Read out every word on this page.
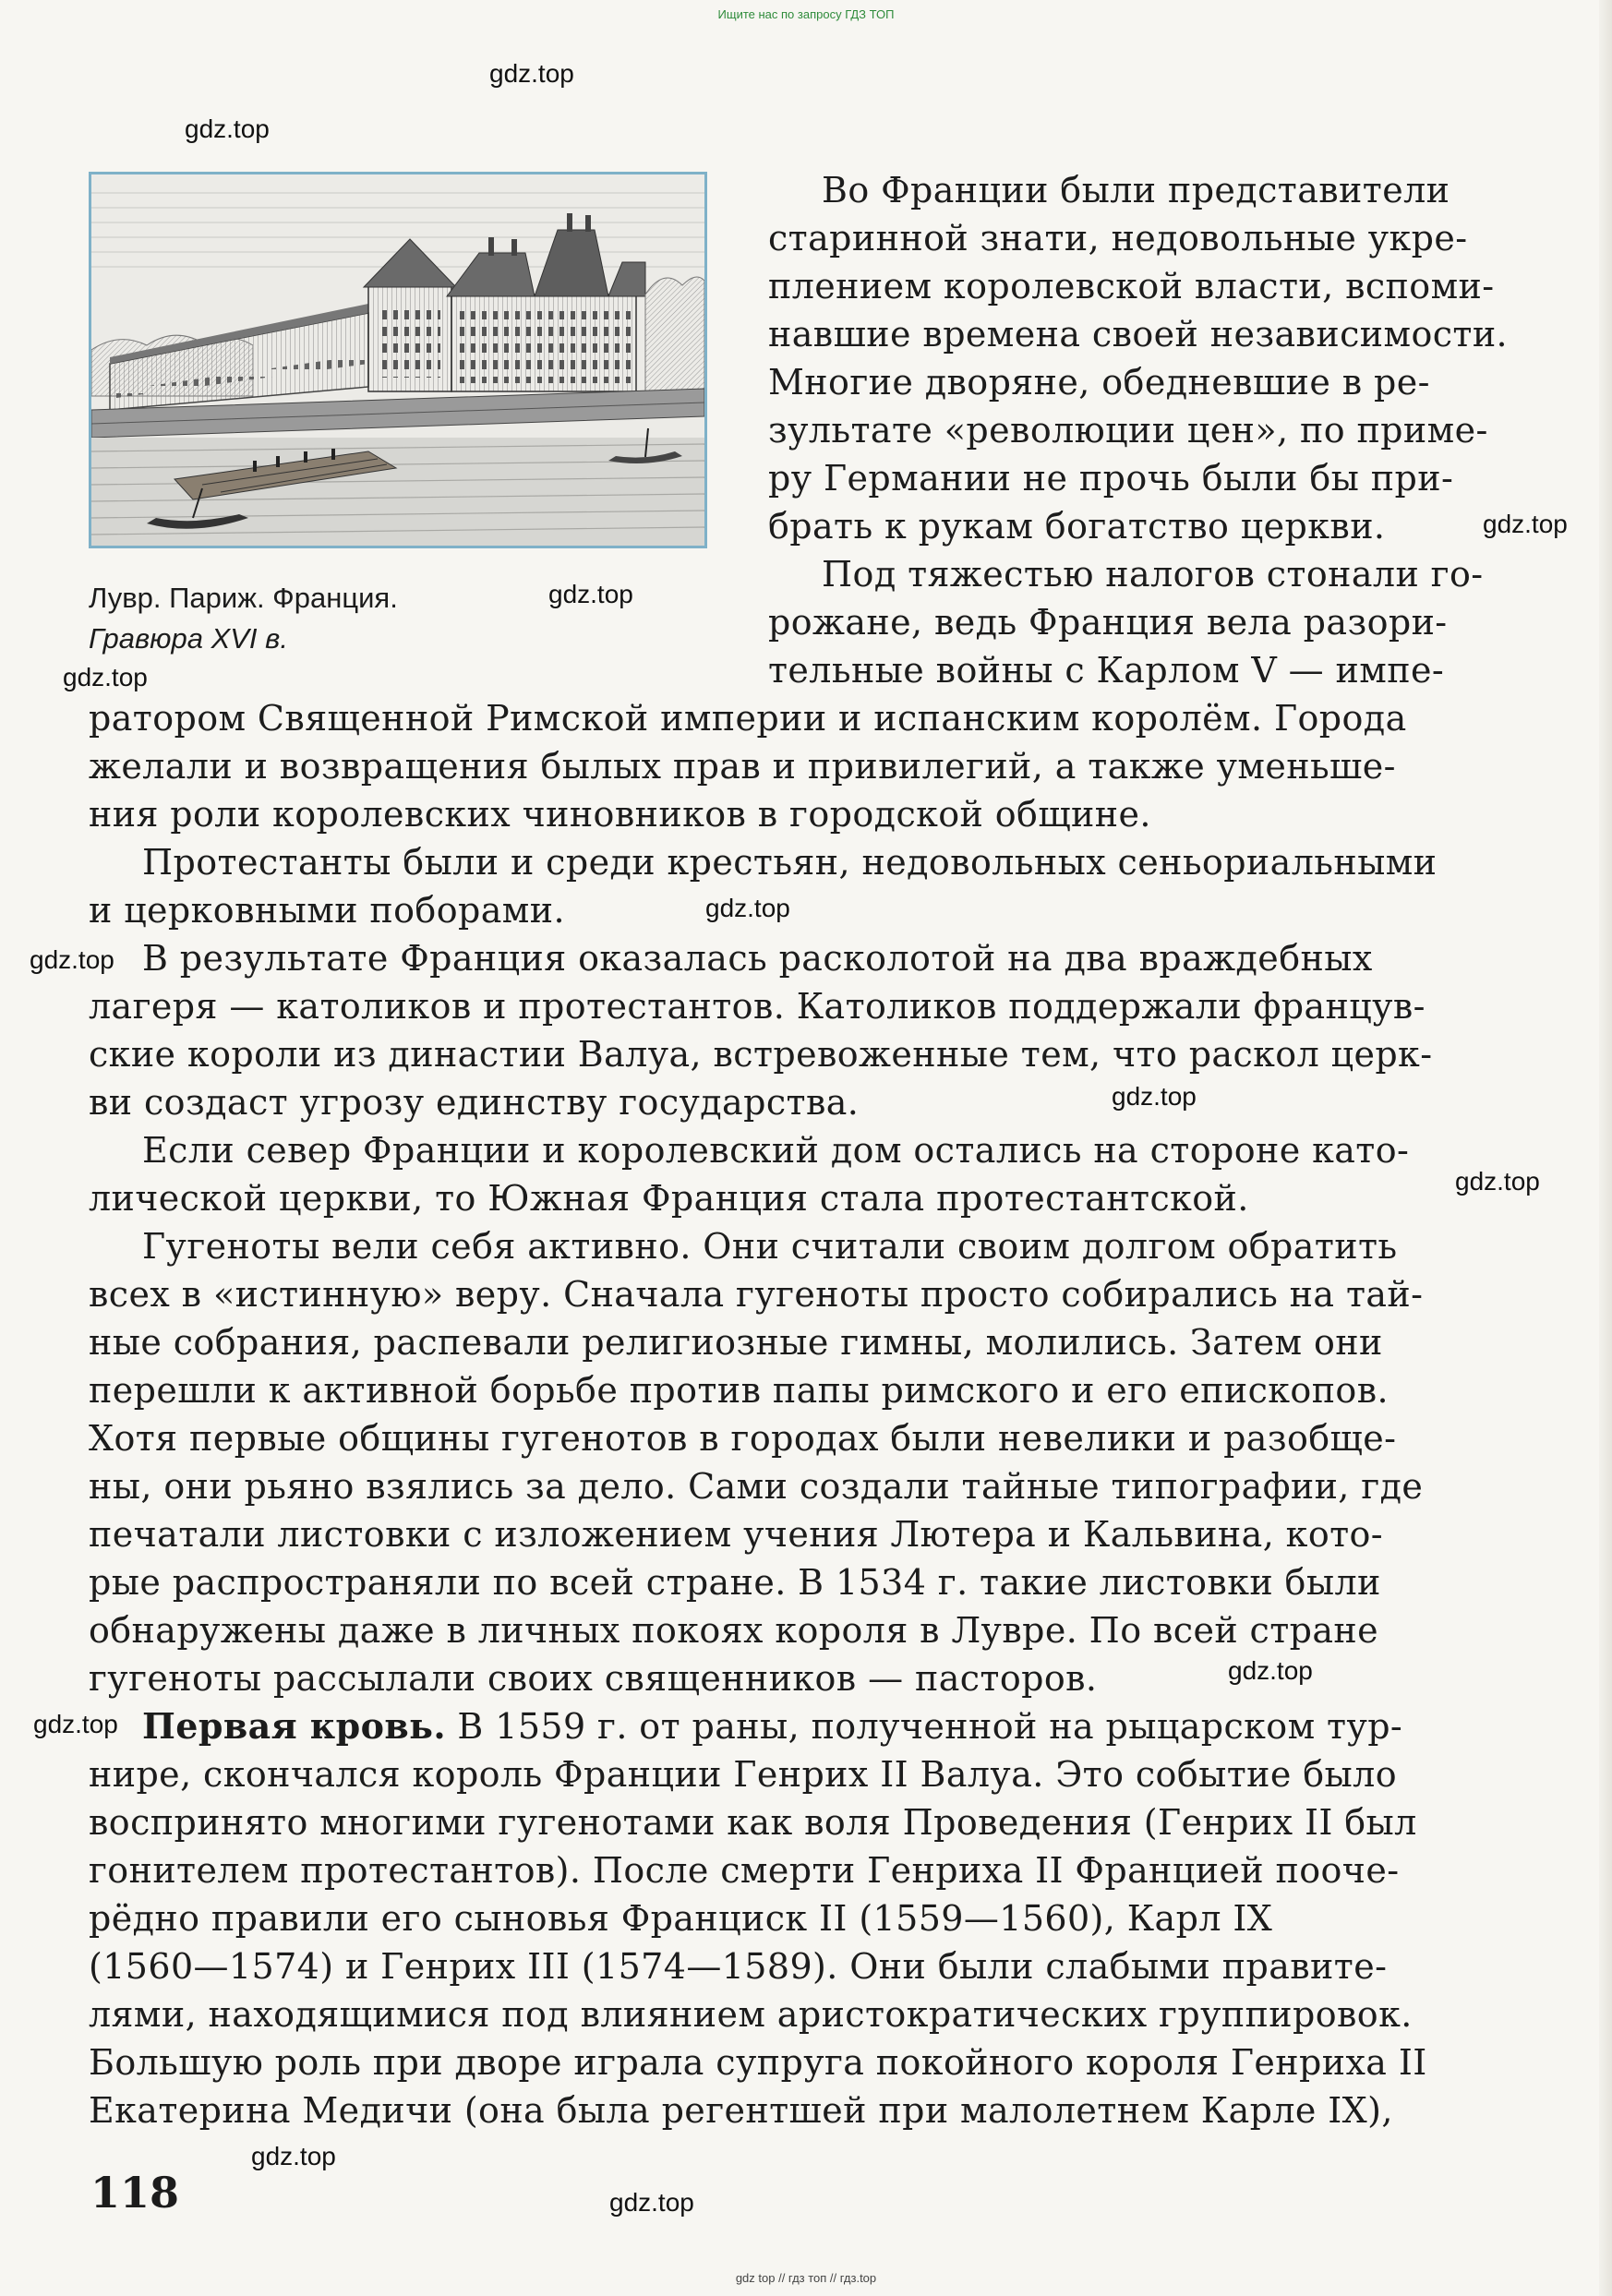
Ищите нас по запросу ГДЗ ТОП
Лувр. Париж. Франция.
Гравюра XVI в.
Во Франции были представители
старинной знати, недовольные укре-
плением королевской власти, вспоми-
навшие времена своей независимости.
Многие дворяне, обедневшие в ре-
зультате «революции цен», по приме-
ру Германии не прочь были бы при-
брать к рукам богатство церкви.
Под тяжестью налогов стонали го-
рожане, ведь Франция вела разори-
тельные войны с Карлом V — импе-
ратором Священной Римской империи и испанским королём. Города
желали и возвращения былых прав и привилегий, а также уменьше-
ния роли королевских чиновников в городской общине.
Протестанты были и среди крестьян, недовольных сеньориальными
и церковными поборами.
В результате Франция оказалась расколотой на два враждебных
лагеря — католиков и протестантов. Католиков поддержали францув-
ские короли из династии Валуа, встревоженные тем, что раскол церк-
ви создаст угрозу единству государства.
Если север Франции и королевский дом остались на стороне като-
лической церкви, то Южная Франция стала протестантской.
Гугеноты вели себя активно. Они считали своим долгом обратить
всех в «истинную» веру. Сначала гугеноты просто собирались на тай-
ные собрания, распевали религиозные гимны, молились. Затем они
перешли к активной борьбе против папы римского и его епископов.
Хотя первые общины гугенотов в городах были невелики и разобще-
ны, они рьяно взялись за дело. Сами создали тайные типографии, где
печатали листовки с изложением учения Лютера и Кальвина, кото-
рые распространяли по всей стране. В 1534 г. такие листовки были
обнаружены даже в личных покоях короля в Лувре. По всей стране
гугеноты рассылали своих священников — пасторов.
Первая кровь. В 1559 г. от раны, полученной на рыцарском тур-
нире, скончался король Франции Генрих II Валуа. Это событие было
воспринято многими гугенотами как воля Проведения (Генрих II был
гонителем протестантов). После смерти Генриха II Францией пооче-
рёдно правили его сыновья Франциск II (1559—1560), Карл IX
(1560—1574) и Генрих III (1574—1589). Они были слабыми правите-
лями, находящимися под влиянием аристократических группировок.
Большую роль при дворе играла супруга покойного короля Генриха II
Екатерина Медичи (она была регентшей при малолетнем Карле IX),
118
gdz.top
gdz.top
gdz.top
gdz.top
gdz.top
gdz.top
gdz.top
gdz.top
gdz.top
gdz.top
gdz.top
gdz.top
gdz.top
gdz top // гдз топ // гдз.top
